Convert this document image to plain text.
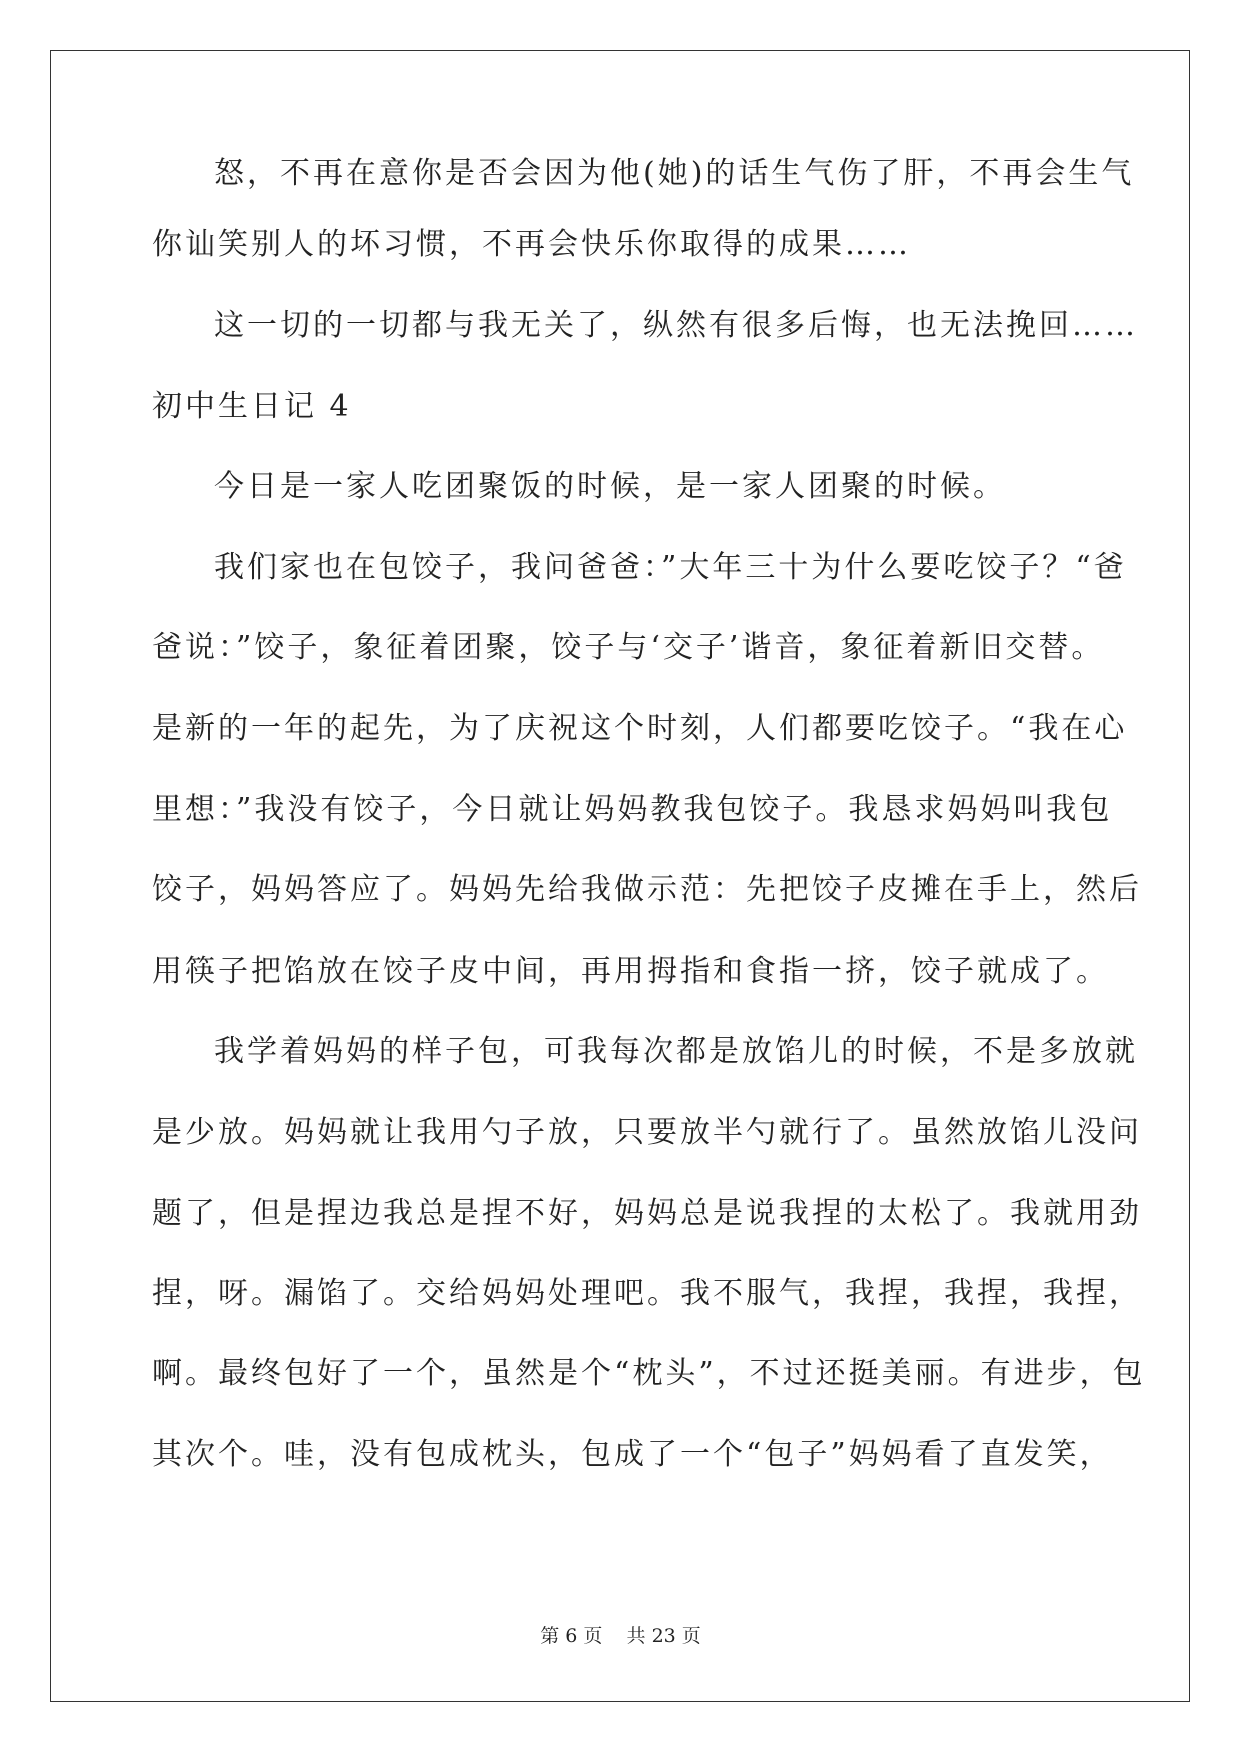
怒，不再在意你是否会因为他(她)的话生气伤了肝，不再会生气
你讪笑别人的坏习惯，不再会快乐你取得的成果……
这一切的一切都与我无关了，纵然有很多后悔，也无法挽回……
初中生日记 4
今日是一家人吃团聚饭的时候，是一家人团聚的时候。
我们家也在包饺子，我问爸爸：”大年三十为什么要吃饺子？“爸
爸说：”饺子，象征着团聚，饺子与‘交子’谐音，象征着新旧交替。
是新的一年的起先，为了庆祝这个时刻，人们都要吃饺子。“我在心
里想：”我没有饺子，今日就让妈妈教我包饺子。我恳求妈妈叫我包
饺子，妈妈答应了。妈妈先给我做示范：先把饺子皮摊在手上，然后
用筷子把馅放在饺子皮中间，再用拇指和食指一挤，饺子就成了。
我学着妈妈的样子包，可我每次都是放馅儿的时候，不是多放就
是少放。妈妈就让我用勺子放，只要放半勺就行了。虽然放馅儿没问
题了，但是捏边我总是捏不好，妈妈总是说我捏的太松了。我就用劲
捏，呀。漏馅了。交给妈妈处理吧。我不服气，我捏，我捏，我捏，
啊。最终包好了一个，虽然是个“枕头”，不过还挺美丽。有进步，包
其次个。哇，没有包成枕头，包成了一个“包子”妈妈看了直发笑，
第 6 页    共 23 页
